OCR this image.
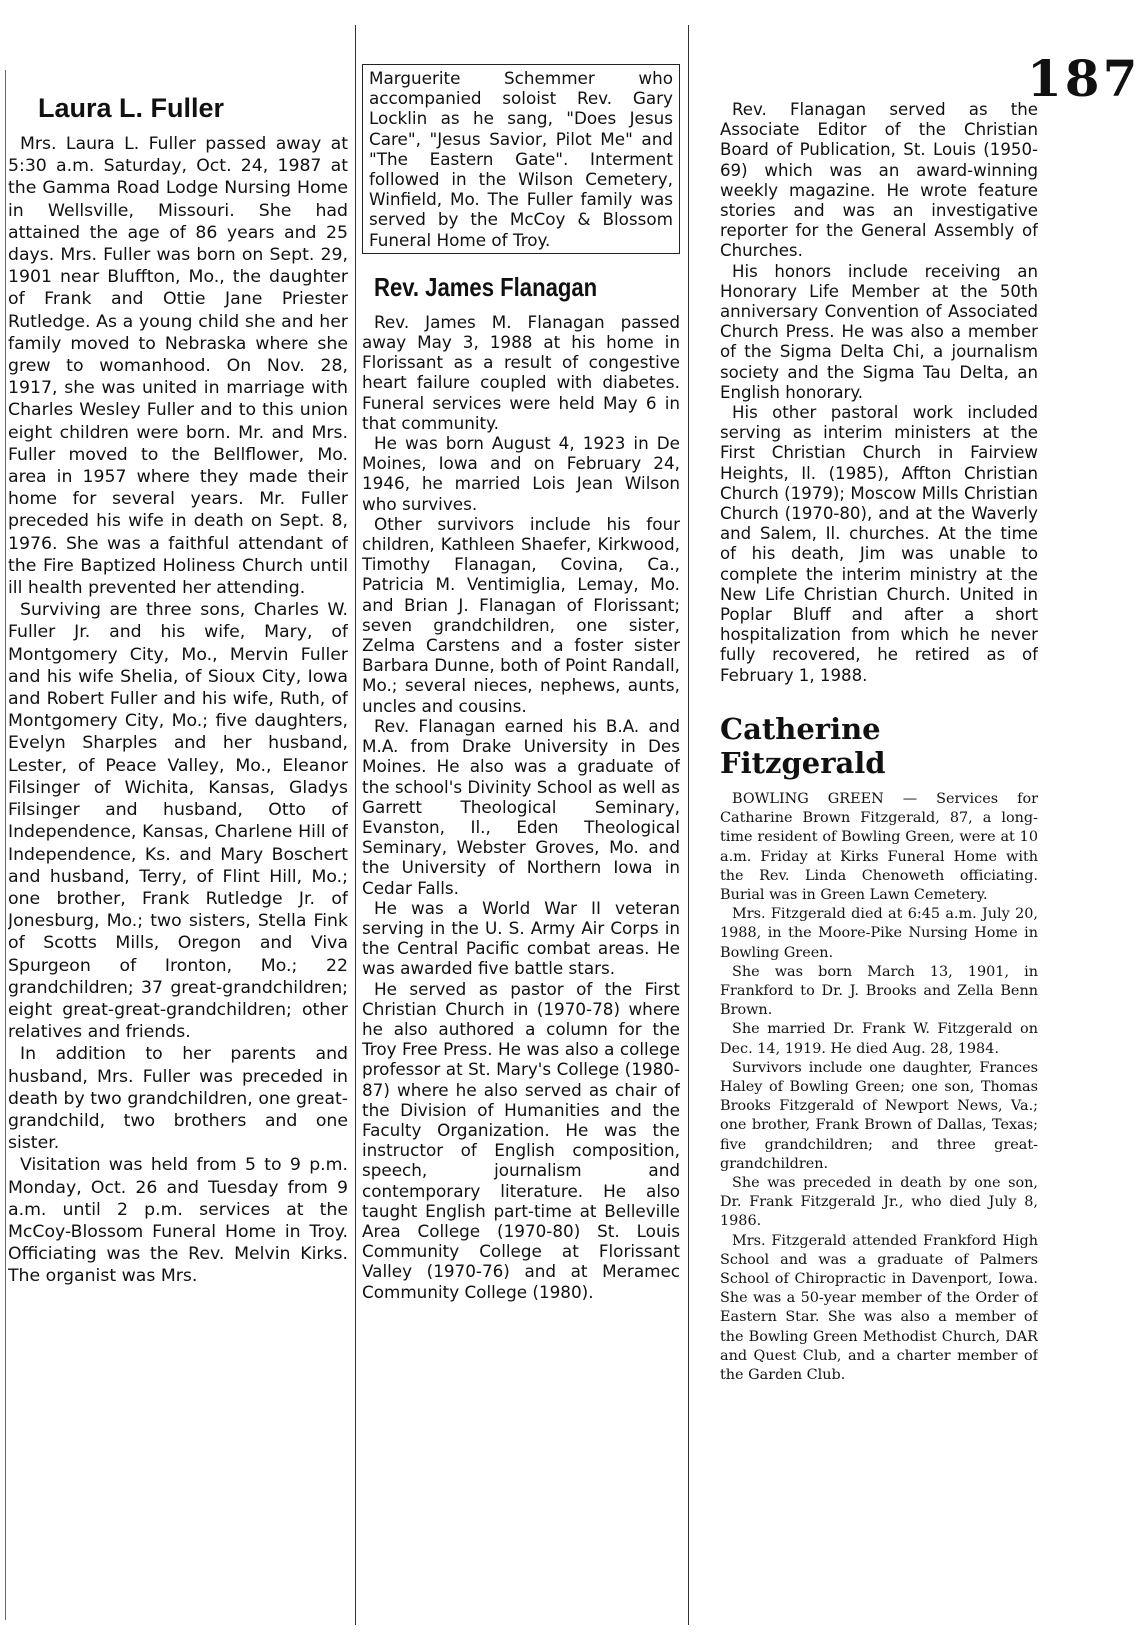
187
Laura L. Fuller

Mrs. Laura L. Fuller passed away at 5:30 a.m. Saturday, Oct. 24, 1987 at the Gamma Road Lodge Nursing Home in Wellsville, Missouri. She had attained the age of 86 years and 25 days. Mrs. Fuller was born on Sept. 29, 1901 near Bluffton, Mo., the daughter of Frank and Ottie Jane Priester Rutledge. As a young child she and her family moved to Nebraska where she grew to womanhood. On Nov. 28, 1917, she was united in marriage with Charles Wesley Fuller and to this union eight children were born. Mr. and Mrs. Fuller moved to the Bellflower, Mo. area in 1957 where they made their home for several years. Mr. Fuller preceded his wife in death on Sept. 8, 1976. She was a faithful attendant of the Fire Baptized Holiness Church until ill health prevented her attending.

Surviving are three sons, Charles W. Fuller Jr. and his wife, Mary, of Montgomery City, Mo., Mervin Fuller and his wife Shelia, of Sioux City, Iowa and Robert Fuller and his wife, Ruth, of Montgomery City, Mo.; five daughters, Evelyn Sharples and her husband, Lester, of Peace Valley, Mo., Eleanor Filsinger of Wichita, Kansas, Gladys Filsinger and husband, Otto of Independence, Kansas, Charlene Hill of Independence, Ks. and Mary Boschert and husband, Terry, of Flint Hill, Mo.; one brother, Frank Rutledge Jr. of Jonesburg, Mo.; two sisters, Stella Fink of Scotts Mills, Oregon and Viva Spurgeon of Ironton, Mo.; 22 grandchildren; 37 great-grandchildren; eight great-great-grandchildren; other relatives and friends.

In addition to her parents and husband, Mrs. Fuller was preceded in death by two grandchildren, one great-grandchild, two brothers and one sister.

Visitation was held from 5 to 9 p.m. Monday, Oct. 26 and Tuesday from 9 a.m. until 2 p.m. services at the McCoy-Blossom Funeral Home in Troy. Officiating was the Rev. Melvin Kirks. The organist was Mrs.

Marguerite Schemmer who accompanied soloist Rev. Gary Locklin as he sang, "Does Jesus Care", "Jesus Savior, Pilot Me" and "The Eastern Gate". Interment followed in the Wilson Cemetery, Winfield, Mo. The Fuller family was served by the McCoy & Blossom Funeral Home of Troy.

Rev. James Flanagan

Rev. James M. Flanagan passed away May 3, 1988 at his home in Florissant as a result of congestive heart failure coupled with diabetes. Funeral services were held May 6 in that community.

He was born August 4, 1923 in De Moines, Iowa and on February 24, 1946, he married Lois Jean Wilson who survives.

Other survivors include his four children, Kathleen Shaefer, Kirkwood, Timothy Flanagan, Covina, Ca., Patricia M. Ventimiglia, Lemay, Mo. and Brian J. Flanagan of Florissant; seven grandchildren, one sister, Zelma Carstens and a foster sister Barbara Dunne, both of Point Randall, Mo.; several nieces, nephews, aunts, uncles and cousins.

Rev. Flanagan earned his B.A. and M.A. from Drake University in Des Moines. He also was a graduate of the school's Divinity School as well as Garrett Theological Seminary, Evanston, Il., Eden Theological Seminary, Webster Groves, Mo. and the University of Northern Iowa in Cedar Falls.

He was a World War II veteran serving in the U. S. Army Air Corps in the Central Pacific combat areas. He was awarded five battle stars.

He served as pastor of the First Christian Church in (1970-78) where he also authored a column for the Troy Free Press. He was also a college professor at St. Mary's College (1980-87) where he also served as chair of the Division of Humanities and the Faculty Organization. He was the instructor of English composition, speech, journalism and contemporary literature. He also taught English part-time at Belleville Area College (1970-80) St. Louis Community College at Florissant Valley (1970-76) and at Meramec Community College (1980).

Rev. Flanagan served as the Associate Editor of the Christian Board of Publication, St. Louis (1950-69) which was an award-winning weekly magazine. He wrote feature stories and was an investigative reporter for the General Assembly of Churches.

His honors include receiving an Honorary Life Member at the 50th anniversary Convention of Associated Church Press. He was also a member of the Sigma Delta Chi, a journalism society and the Sigma Tau Delta, an English honorary.

His other pastoral work included serving as interim ministers at the First Christian Church in Fairview Heights, Il. (1985), Affton Christian Church (1979); Moscow Mills Christian Church (1970-80), and at the Waverly and Salem, Il. churches. At the time of his death, Jim was unable to complete the interim ministry at the New Life Christian Church. United in Poplar Bluff and after a short hospitalization from which he never fully recovered, he retired as of February 1, 1988.

Catherine Fitzgerald

BOWLING GREEN — Services for Catharine Brown Fitzgerald, 87, a long-time resident of Bowling Green, were at 10 a.m. Friday at Kirks Funeral Home with the Rev. Linda Chenoweth officiating. Burial was in Green Lawn Cemetery.

Mrs. Fitzgerald died at 6:45 a.m. July 20, 1988, in the Moore-Pike Nursing Home in Bowling Green.

She was born March 13, 1901, in Frankford to Dr. J. Brooks and Zella Benn Brown.

She married Dr. Frank W. Fitzgerald on Dec. 14, 1919. He died Aug. 28, 1984.

Survivors include one daughter, Frances Haley of Bowling Green; one son, Thomas Brooks Fitzgerald of Newport News, Va.; one brother, Frank Brown of Dallas, Texas; five grandchildren; and three great-grandchildren.

She was preceded in death by one son, Dr. Frank Fitzgerald Jr., who died July 8, 1986.

Mrs. Fitzgerald attended Frankford High School and was a graduate of Palmers School of Chiropractic in Davenport, Iowa. She was a 50-year member of the Order of Eastern Star. She was also a member of the Bowling Green Methodist Church, DAR and Quest Club, and a charter member of the Garden Club.
